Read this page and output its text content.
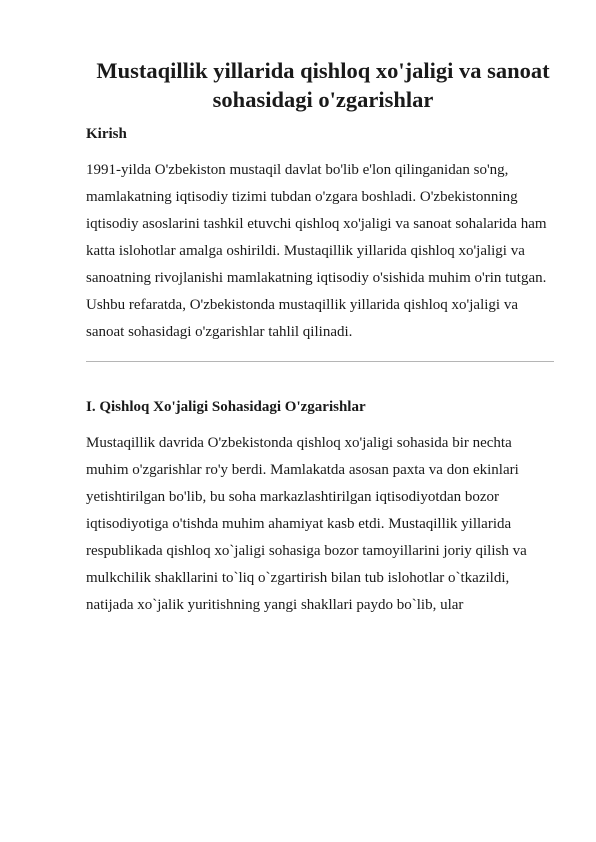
Mustaqillik yillarida qishloq xo'jaligi va sanoat sohasidagi o'zgarishlar
Kirish

1991-yilda O'zbekiston mustaqil davlat bo'lib e'lon qilinganidan so'ng, mamlakatning iqtisodiy tizimi tubdan o'zgara boshladi. O'zbekistonning iqtisodiy asoslarini tashkil etuvchi qishloq xo'jaligi va sanoat sohalarida ham katta islohotlar amalga oshirildi. Mustaqillik yillarida qishloq xo'jaligi va sanoatning rivojlanishi mamlakatning iqtisodiy o'sishida muhim o'rin tutgan. Ushbu refaratda, O'zbekistonda mustaqillik yillarida qishloq xo'jaligi va sanoat sohasidagi o'zgarishlar tahlil qilinadi.

I. Qishloq Xo'jaligi Sohasidagi O'zgarishlar

Mustaqillik davrida O'zbekistonda qishloq xo'jaligi sohasida bir nechta muhim o'zgarishlar ro'y berdi. Mamlakatda asosan paxta va don ekinlari yetishtirilgan bo'lib, bu soha markazlashtirilgan iqtisodiyotdan bozor iqtisodiyotiga o'tishda muhim ahamiyat kasb etdi. Mustaqillik yillarida respublikada qishloq xo`jaligi sohasiga bozor tamoyillarini joriy qilish va mulkchilik shakllarini to`liq o`zgartirish bilan tub islohotlar o`tkazildi, natijada xo`jalik yuritishning yangi shakllari paydo bo`lib, ular
